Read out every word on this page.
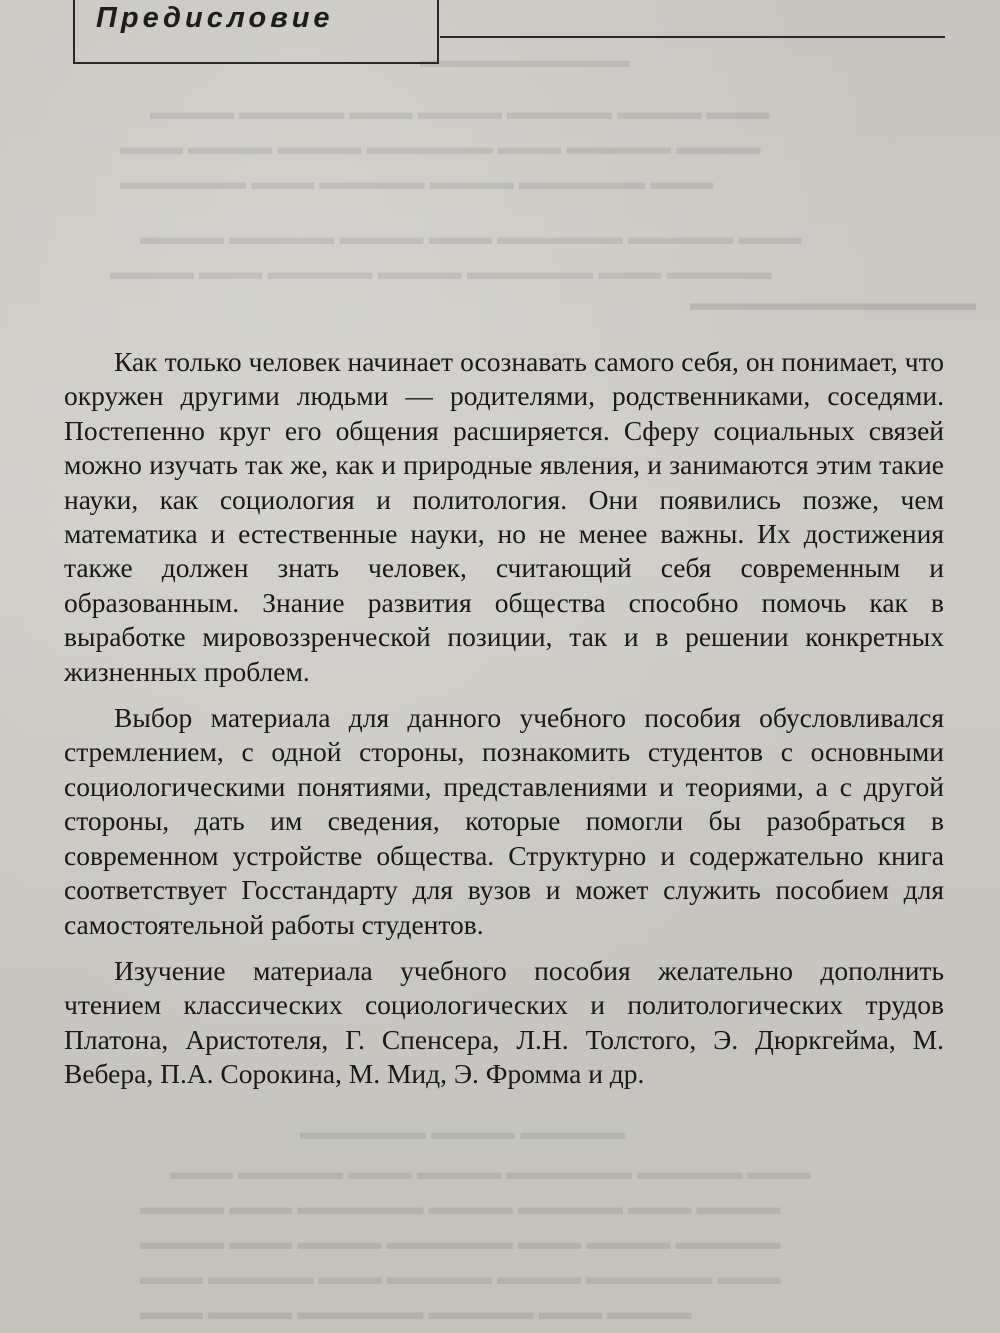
▬▬▬▬▬▬▬▬▬▬
▬▬▬ ▬▬▬▬ ▬▬▬▬▬ ▬▬▬▬ ▬▬▬ ▬▬▬▬▬ ▬▬▬▬
▬▬▬▬ ▬▬▬▬▬ ▬▬▬ ▬▬▬▬▬▬ ▬▬▬▬ ▬▬▬▬ ▬▬▬
▬▬▬ ▬▬▬▬▬▬ ▬▬▬▬ ▬▬▬▬▬ ▬▬▬ ▬▬▬▬▬▬
▬▬▬ ▬▬▬▬▬ ▬▬▬▬▬▬ ▬▬▬ ▬▬▬▬ ▬▬▬▬▬ ▬▬▬▬
▬▬▬▬▬ ▬▬▬ ▬▬▬▬▬▬ ▬▬▬▬ ▬▬▬▬▬ ▬▬▬ ▬▬▬▬
▬▬▬▬▬ ▬▬▬▬ ▬▬▬▬▬▬
▬▬▬ ▬▬▬▬▬ ▬▬▬▬▬▬ ▬▬▬▬ ▬▬▬ ▬▬▬▬▬ ▬▬▬
▬▬▬▬ ▬▬▬ ▬▬▬▬▬ ▬▬▬▬ ▬▬▬▬▬▬ ▬▬▬ ▬▬▬▬
▬▬▬▬▬ ▬▬▬▬ ▬▬▬ ▬▬▬▬▬▬ ▬▬▬▬ ▬▬▬ ▬▬▬▬
▬▬▬ ▬▬▬▬▬▬ ▬▬▬▬ ▬▬▬▬▬ ▬▬▬ ▬▬▬▬▬ ▬▬▬
▬▬▬▬ ▬▬▬ ▬▬▬▬▬ ▬▬▬▬▬▬ ▬▬▬▬ ▬▬▬
▬▬▬▬▬▬▬▬▬▬▬▬▬
Предисловие

Как только человек начинает осознавать самого себя, он понимает, что окружен другими людьми — родителями, родственниками, соседями. Постепенно круг его общения расширяется. Сферу социальных связей можно изучать так же, как и природные явления, и занимаются этим такие науки, как социология и политология. Они появились позже, чем математика и естественные науки, но не менее важны. Их достижения также должен знать человек, считающий себя современным и образованным. Знание развития общества способно помочь как в выработке мировоззренческой позиции, так и в решении конкретных жизненных проблем.

Выбор материала для данного учебного пособия обусловливался стремлением, с одной стороны, познакомить студентов с основными социологическими понятиями, представлениями и теориями, а с другой стороны, дать им сведения, которые помогли бы разобраться в современном устройстве общества. Структурно и содержательно книга соответствует Госстандарту для вузов и может служить пособием для самостоятельной работы студентов.

Изучение материала учебного пособия желательно дополнить чтением классических социологических и политологических трудов Платона, Аристотеля, Г. Спенсера, Л.Н. Толстого, Э. Дюркгейма, М. Вебера, П.А. Сорокина, М. Мид, Э. Фромма и др.
